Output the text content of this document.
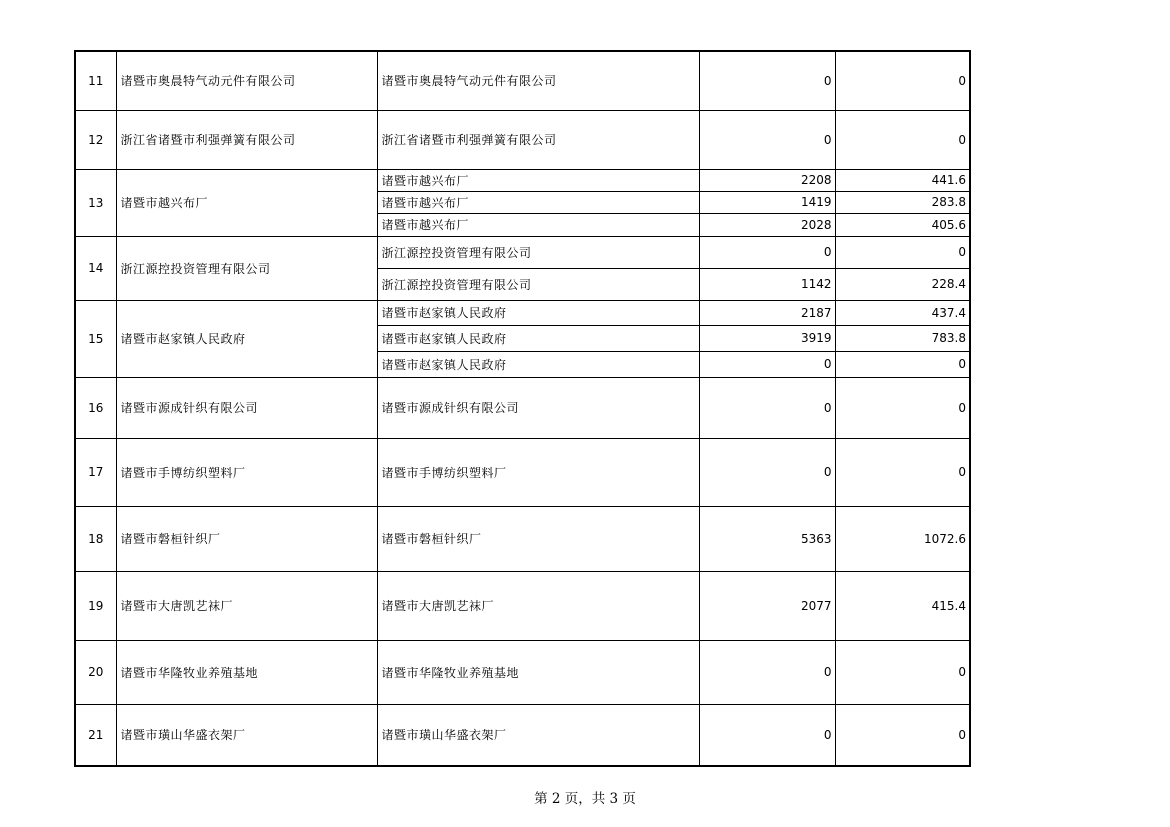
11	诸暨市奥晨特气动元件有限公司	诸暨市奥晨特气动元件有限公司	0	0
12	浙江省诸暨市利强弹簧有限公司	浙江省诸暨市利强弹簧有限公司	0	0
13	诸暨市越兴布厂	诸暨市越兴布厂	2208	441.6
		诸暨市越兴布厂	1419	283.8
		诸暨市越兴布厂	2028	405.6
14	浙江源控投资管理有限公司	浙江源控投资管理有限公司	0	0
		浙江源控投资管理有限公司	1142	228.4
15	诸暨市赵家镇人民政府	诸暨市赵家镇人民政府	2187	437.4
		诸暨市赵家镇人民政府	3919	783.8
		诸暨市赵家镇人民政府	0	0
16	诸暨市源成针织有限公司	诸暨市源成针织有限公司	0	0
17	诸暨市手博纺织塑料厂	诸暨市手博纺织塑料厂	0	0
18	诸暨市磐桓针织厂	诸暨市磐桓针织厂	5363	1072.6
19	诸暨市大唐凯艺袜厂	诸暨市大唐凯艺袜厂	2077	415.4
20	诸暨市华隆牧业养殖基地	诸暨市华隆牧业养殖基地	0	0
21	诸暨市璜山华盛衣架厂	诸暨市璜山华盛衣架厂	0	0
第 2 页，共 3 页
